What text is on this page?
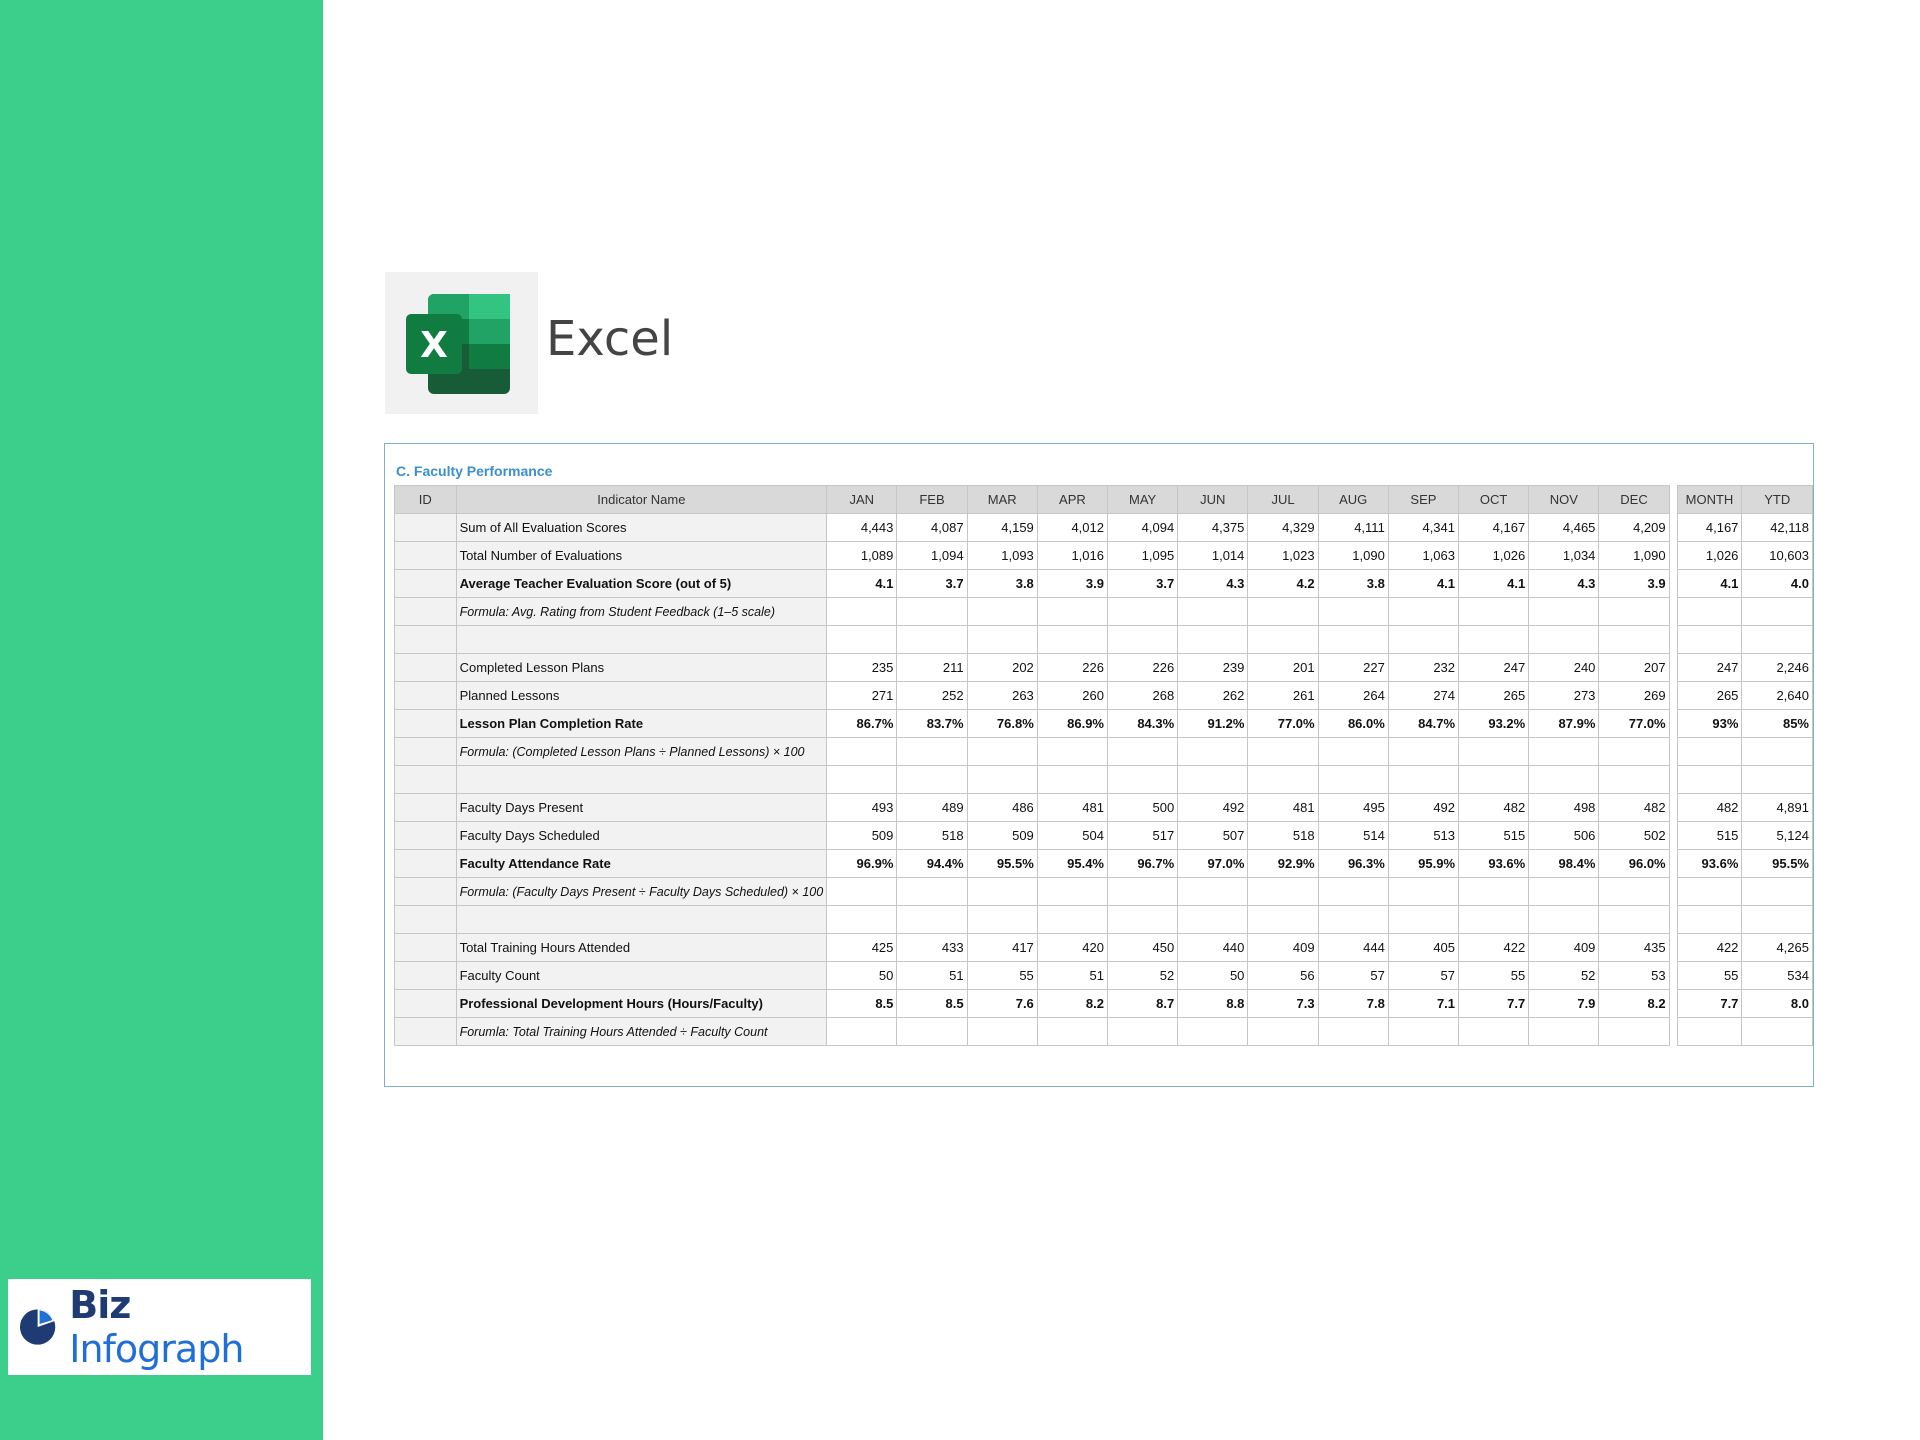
Biz Infograph
X Excel
C. Faculty Performance
ID	Indicator Name	JAN	FEB	MAR	APR	MAY	JUN	JUL	AUG	SEP	OCT	NOV	DEC		MONTH	YTD
	Sum of All Evaluation Scores	4,443	4,087	4,159	4,012	4,094	4,375	4,329	4,111	4,341	4,167	4,465	4,209		4,167	42,118
	Total Number of Evaluations	1,089	1,094	1,093	1,016	1,095	1,014	1,023	1,090	1,063	1,026	1,034	1,090		1,026	10,603
	Average Teacher Evaluation Score (out of 5)	4.1	3.7	3.8	3.9	3.7	4.3	4.2	3.8	4.1	4.1	4.3	3.9		4.1	4.0
	Formula: Avg. Rating from Student Feedback (1–5 scale)															

	Completed Lesson Plans	235	211	202	226	226	239	201	227	232	247	240	207		247	2,246
	Planned Lessons	271	252	263	260	268	262	261	264	274	265	273	269		265	2,640
	Lesson Plan Completion Rate	86.7%	83.7%	76.8%	86.9%	84.3%	91.2%	77.0%	86.0%	84.7%	93.2%	87.9%	77.0%		93%	85%
	Formula: (Completed Lesson Plans ÷ Planned Lessons) × 100															

	Faculty Days Present	493	489	486	481	500	492	481	495	492	482	498	482		482	4,891
	Faculty Days Scheduled	509	518	509	504	517	507	518	514	513	515	506	502		515	5,124
	Faculty Attendance Rate	96.9%	94.4%	95.5%	95.4%	96.7%	97.0%	92.9%	96.3%	95.9%	93.6%	98.4%	96.0%		93.6%	95.5%
	Formula: (Faculty Days Present ÷ Faculty Days Scheduled) × 100															

	Total Training Hours Attended	425	433	417	420	450	440	409	444	405	422	409	435		422	4,265
	Faculty Count	50	51	55	51	52	50	56	57	57	55	52	53		55	534
	Professional Development Hours (Hours/Faculty)	8.5	8.5	7.6	8.2	8.7	8.8	7.3	7.8	7.1	7.7	7.9	8.2		7.7	8.0
	Forumla: Total Training Hours Attended ÷ Faculty Count															
